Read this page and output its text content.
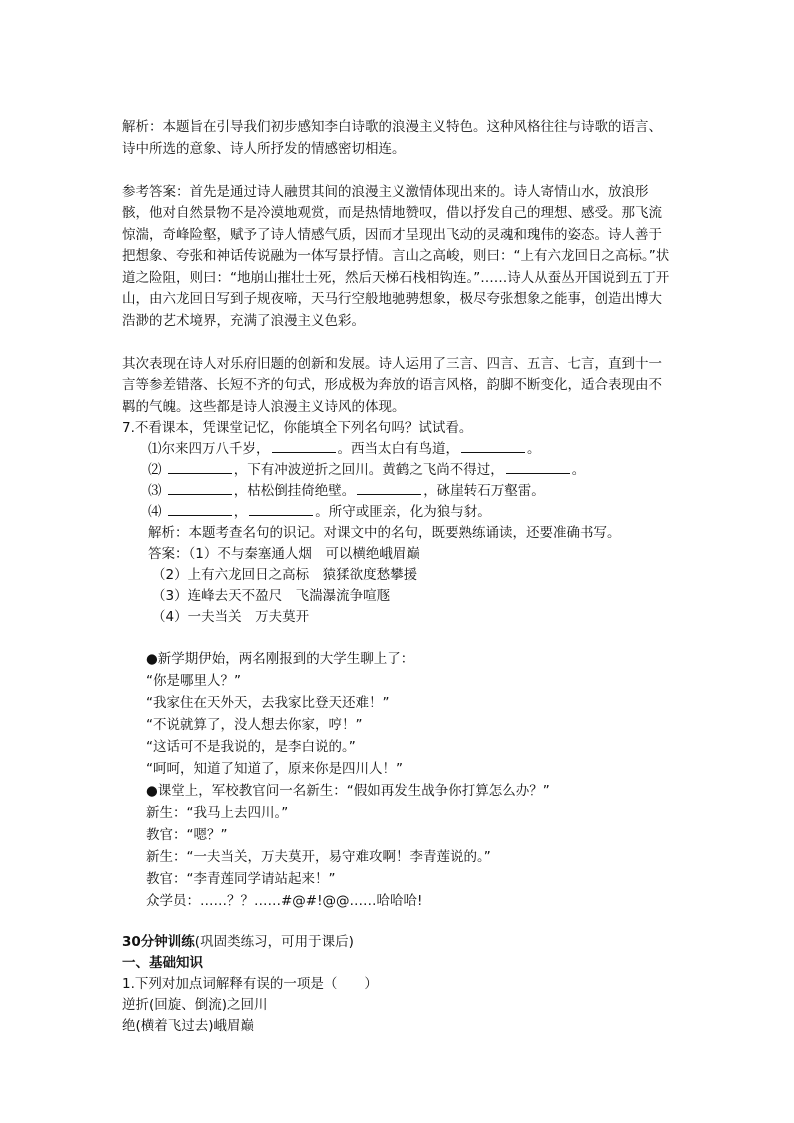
解析：本题旨在引导我们初步感知李白诗歌的浪漫主义特色。这种风格往往与诗歌的语言、诗中所选的意象、诗人所抒发的情感密切相连。

参考答案：首先是通过诗人融贯其间的浪漫主义激情体现出来的。诗人寄情山水，放浪形骸，他对自然景物不是冷漠地观赏，而是热情地赞叹，借以抒发自己的理想、感受。那飞流惊湍，奇峰险壑，赋予了诗人情感气质，因而才呈现出飞动的灵魂和瑰伟的姿态。诗人善于把想象、夸张和神话传说融为一体写景抒情。言山之高峻，则曰：“上有六龙回日之高标。”状道之险阻，则曰：“地崩山摧壮士死，然后天梯石栈相钩连。”……诗人从蚕丛开国说到五丁开山，由六龙回日写到子规夜啼，天马行空般地驰骋想象，极尽夸张想象之能事，创造出博大浩渺的艺术境界，充满了浪漫主义色彩。

其次表现在诗人对乐府旧题的创新和发展。诗人运用了三言、四言、五言、七言，直到十一言等参差错落、长短不齐的句式，形成极为奔放的语言风格，韵脚不断变化，适合表现由不羁的气魄。这些都是诗人浪漫主义诗风的体现。

7.不看课本，凭课堂记忆，你能填全下列名句吗？试试看。

⑴尔来四万八千岁，	。西当太白有鸟道，	。

⑵	，下有冲波逆折之回川。黄鹤之飞尚不得过，	。

⑶	，枯松倒挂倚绝壁。	，砯崖转石万壑雷。

⑷	，	。所守或匪亲，化为狼与豺。

解析：本题考查名句的识记。对课文中的名句，既要熟练诵读，还要准确书写。

答案：（1）不与秦塞通人烟　可以横绝峨眉巅

（2）上有六龙回日之高标　猿猱欲度愁攀援

（3）连峰去天不盈尺　飞湍瀑流争喧豗

（4）一夫当关　万夫莫开

●新学期伊始，两名刚报到的大学生聊上了：

“你是哪里人？”

“我家住在天外天，去我家比登天还难！”

“不说就算了，没人想去你家，哼！”

“这话可不是我说的，是李白说的。”

“呵呵，知道了知道了，原来你是四川人！”

●课堂上，军校教官问一名新生：“假如再发生战争你打算怎么办？”

新生：“我马上去四川。”

教官：“嗯？”

新生：“一夫当关，万夫莫开，易守难攻啊！李青莲说的。”

教官：“李青莲同学请站起来！”

众学员：……？？……#@#!@@……哈哈哈!

30分钟训练(巩固类练习，可用于课后)

一、基础知识

1.下列对加点词解释有误的一项是（　　）

逆折(回旋、倒流)之回川

绝(横着飞过去)峨眉巅
